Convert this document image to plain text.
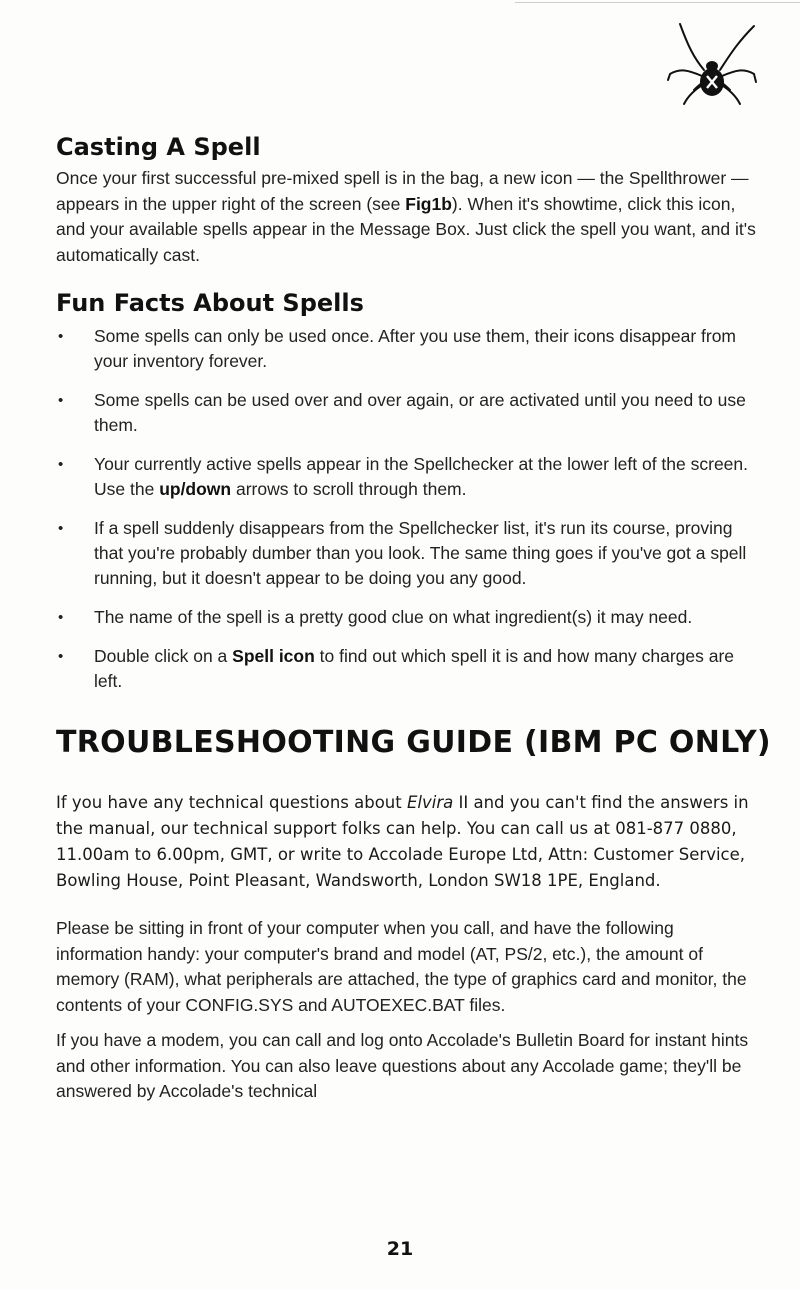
Casting A Spell

Once your first successful pre-mixed spell is in the bag, a new icon — the Spellthrower — appears in the upper right of the screen (see Fig1b). When it's showtime, click this icon, and your available spells appear in the Message Box. Just click the spell you want, and it's automatically cast.

Fun Facts About Spells
• Some spells can only be used once. After you use them, their icons disappear from your inventory forever.
• Some spells can be used over and over again, or are activated until you need to use them.
• Your currently active spells appear in the Spellchecker at the lower left of the screen. Use the up/down arrows to scroll through them.
• If a spell suddenly disappears from the Spellchecker list, it's run its course, proving that you're probably dumber than you look. The same thing goes if you've got a spell running, but it doesn't appear to be doing you any good.
• The name of the spell is a pretty good clue on what ingredient(s) it may need.
• Double click on a Spell icon to find out which spell it is and how many charges are left.
TROUBLESHOOTING GUIDE (IBM PC ONLY)

If you have any technical questions about Elvira II and you can't find the answers in the manual, our technical support folks can help. You can call us at 081-877 0880, 11.00am to 6.00pm, GMT, or write to Accolade Europe Ltd, Attn: Customer Service, Bowling House, Point Pleasant, Wandsworth, London SW18 1PE, England.

Please be sitting in front of your computer when you call, and have the following information handy: your computer's brand and model (AT, PS/2, etc.), the amount of memory (RAM), what peripherals are attached, the type of graphics card and monitor, the contents of your CONFIG.SYS and AUTOEXEC.BAT files.

If you have a modem, you can call and log onto Accolade's Bulletin Board for instant hints and other information. You can also leave questions about any Accolade game; they'll be answered by Accolade's technical

21
